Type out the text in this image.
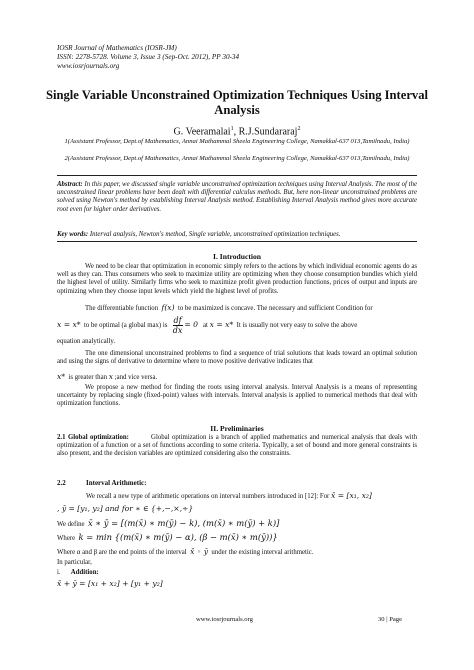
IOSR Journal of Mathematics (IOSR-JM)
ISSN: 2278-5728. Volume 3, Issue 3 (Sep-Oct. 2012), PP 30-34
www.iosrjournals.org
Single Variable Unconstrained Optimization Techniques Using Interval Analysis
G. Veeramalai$^1$, R.J.Sundararaj$^2$
1(Assistant Professor, Dept.of Mathematics, Annai Mathammal Sheela Engineering College, Namakkal-637 013,Tamilnadu, India)
2(Assistant Professor, Dept.of Mathematics, Annai Mathammal Sheela Engineering College, Namakkal-637 013,Tamilnadu, India)
Abstract: In this paper, we discussed single variable unconstrained optimization techniques using Interval Analysis. The most of the unconstrained linear problems have been dealt with differential calculus methods. But, here non-linear unconstrained problems are solved using Newton's method by establishing Interval Analysis method. Establishing Interval Analysis method gives more accurate root even for higher order derivatives.
Key words: Interval analysis, Newton's method, Single variable, unconstrained optimization techniques.
I. Introduction
We need to be clear that optimization in economic simply refers to the actions by which individual economic agents do as well as they can. Thus consumers who seek to maximize utility are optimizing when they choose consumption bundles which yield the highest level of utility. Similarly firms who seek to maximize profit given production functions, prices of output and inputs are optimizing when they choose input levels which yield the highest level of profits.
The differentiable function f(x) to be maximized is concave. The necessary and sufficient Condition for
x = x* to be optimal (a global max) is $\frac{df}{dx} = 0$ at x = x* It is usually not very easy to solve the above
equation analytically.
The one dimensional unconstrained problems to find a sequence of trial solutions that leads toward an optimal solution and using the signs of derivative to determine where to move positive derivative indicates that
x* is greater than x ;and vice versa.
We propose a new method for finding the roots using interval analysis. Interval Analysis is a means of representing uncertainty by replacing single (fixed-point) values with intervals. Interval analysis is applied to numerical methods that deal with optimization functions.
II. Preliminaries
2.1 Global optimization:	Global optimization is a branch of applied mathematics and numerical analysis that deals with optimization of a function or a set of functions according to some criteria. Typically, a set of bound and more general constraints is also present, and the decision variables are optimized considering also the constraints.
2.2	Interval Arithmetic:
We recall a new type of arithmetic operations on interval numbers introduced in [12]: For x̄ = [x₁, x₂]
, ȳ = [y₁, y₂] and for ∗ ∈ {+,−,×,÷}
We define x̄ ∗ ȳ = [(m(x̄) ∗ m(ȳ) − k), (m(x̄) ∗ m(ȳ) + k)]
Where k = min {(m(x̄) ∗ m(ȳ) − α), (β − m(x̄) ∗ m(ȳ))}
Where α and β are the end points of the interval x̄ ◦ ȳ under the existing interval arithmetic.
In particular,
i. Addition:
x̄ + ȳ = [x₁ + x₂] + [y₁ + y₂]
www.iosrjournals.org	30 | Page
